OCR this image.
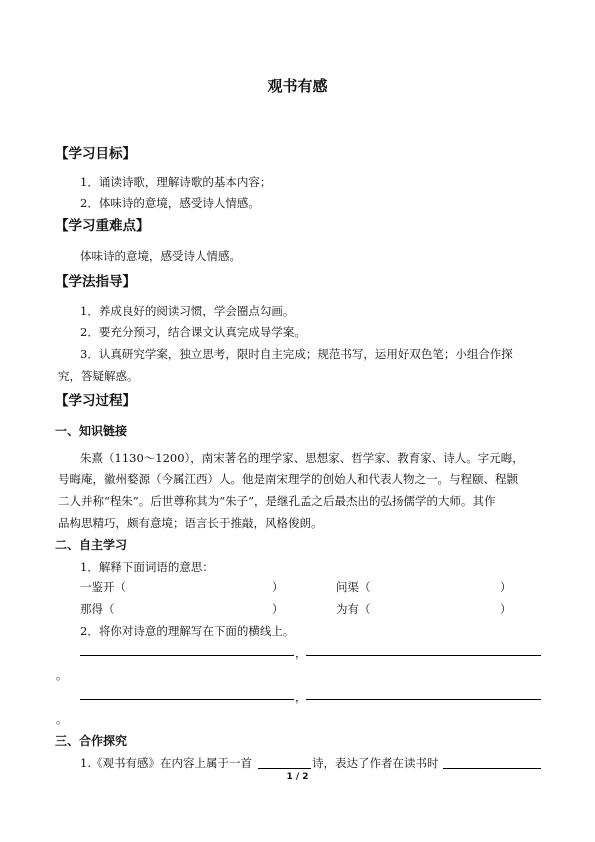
观书有感
【学习目标】
1．诵读诗歌，理解诗歌的基本内容；
2．体味诗的意境，感受诗人情感。
【学习重难点】
体味诗的意境，感受诗人情感。
【学法指导】
1．养成良好的阅读习惯，学会圈点勾画。
2．要充分预习，结合课文认真完成导学案。
3．认真研究学案，独立思考，限时自主完成；规范书写，运用好双色笔；小组合作探
究，答疑解惑。
【学习过程】
一、知识链接
朱熹（1130～1200），南宋著名的理学家、思想家、哲学家、教育家、诗人。字元晦，
号晦庵，徽州婺源（今属江西）人。他是南宋理学的创始人和代表人物之一。与程颐、程颢
二人并称“程朱”。后世尊称其为“朱子”，是继孔孟之后最杰出的弘扬儒学的大师。其作
品构思精巧，颇有意境；语言长于推敲，风格俊朗。
二、自主学习
1．解释下面词语的意思：
一鉴开（	）	问渠（	）
那得（	）	为有（	）
2．将你对诗意的理解写在下面的横线上。
，
。
，
。
三、合作探究
1.《观书有感》在内容上属于一首	诗，表达了作者在读书时
1 / 2
